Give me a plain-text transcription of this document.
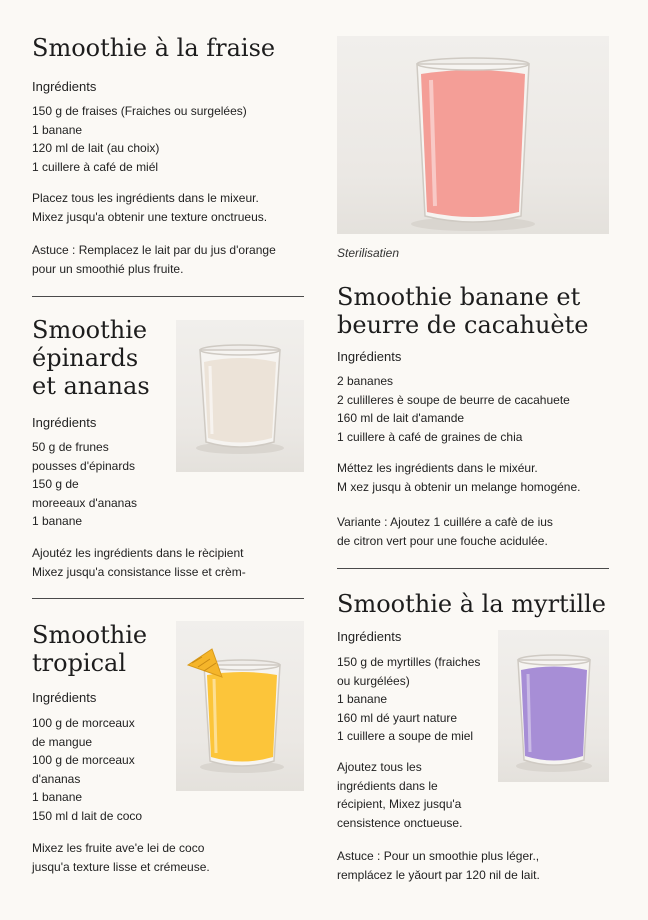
Smoothie à la fraise

Ingrédients

150 g de fraises (Fraiches ou surgelées)

1 banane

120 ml de lait (au choix)

1 cuillere à café de miél

Placez tous les ingrédients dans le mixeur.

Mixez jusqu'a obtenir une texture onctrueus.

Astuce : Remplacez le lait par du jus d'orange

pour un smoothié plus fruite.

Smoothie
épinards
et ananas

Ingrédients

50 g de frunes

pousses d'épinards

150 g de

moreeaux d'ananas

1 banane

Ajoutéz les ingrédients dans le rècipient

Mixez jusqu'a consistance lisse et crèm-

Smoothie
tropical

Ingrédients

100 g de morceaux

de mangue

100 g de morceaux

d'ananas

1 banane

150 ml d lait de coco

Mixez les fruite ave'e lei de coco

jusqu'a texture lisse et crémeuse.

Sterilisatien
Smoothie banane et
beurre de cacahuète

Ingrédients

2 bananes

2 culilleres è soupe de beurre de cacahuete

160 ml de lait d'amande

1 cuillere à café de graines de chia

Méttez les ingrédients dans le mixéur.

M xez jusqu à obtenir un melange homogéne.

Variante : Ajoutez 1 cuillére a cafè de ius

de citron vert pour une fouche acidulée.

Smoothie à la myrtille

Ingrédients

150 g de myrtilles (fraiches

ou kurgélées)

1 banane

160 ml dé yaurt nature

1 cuillere a soupe de miel

Ajoutez tous les

ingrédients dans le

récipient, Mixez jusqu'a

censistence onctueuse.

Astuce : Pour un smoothie plus léger.,

remplácez le yǎourt par 120 nil de lait.
